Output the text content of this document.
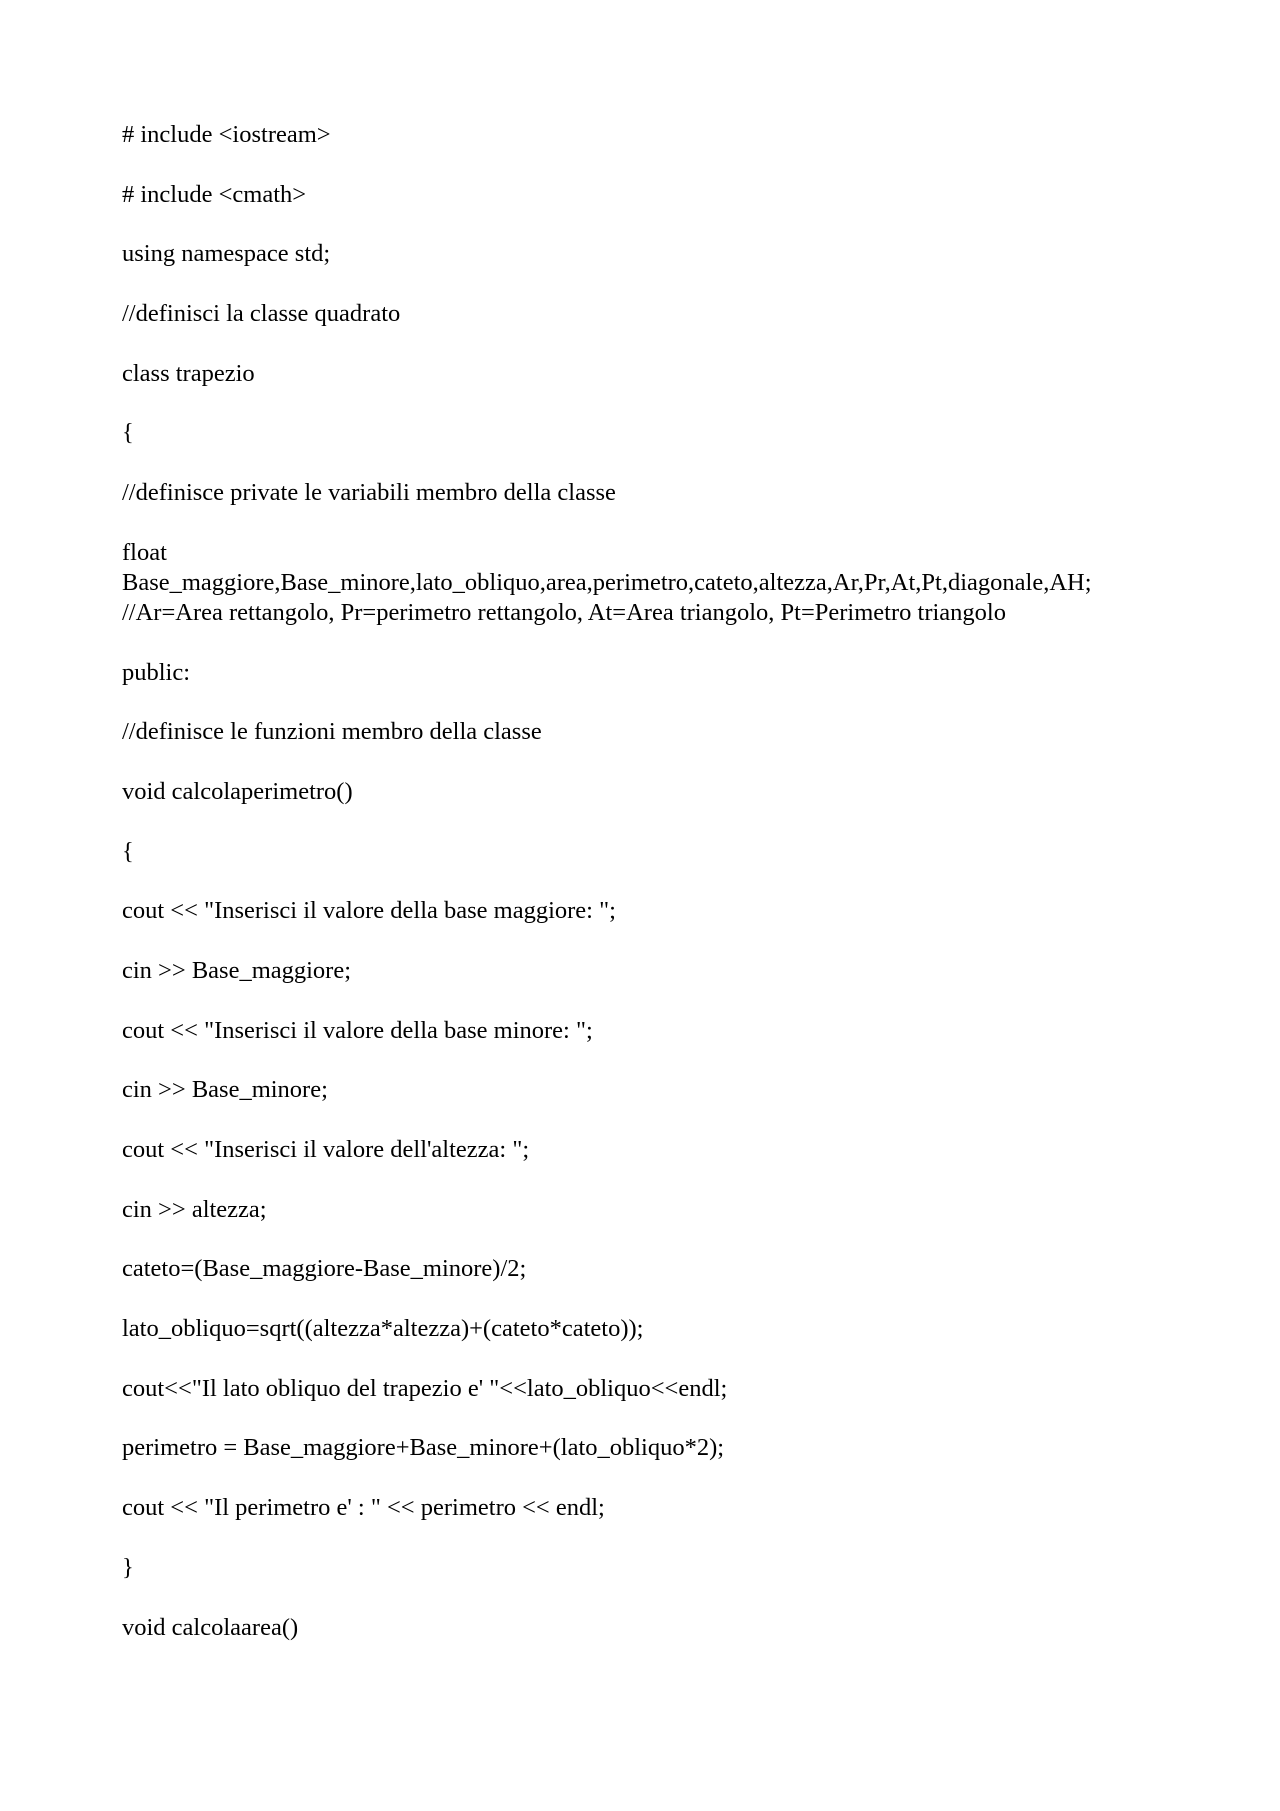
# include <iostream>
# include <cmath>
using namespace std;
//definisci la classe quadrato
class trapezio
{
//definisce private le variabili membro della classe
float
Base_maggiore,Base_minore,lato_obliquo,area,perimetro,cateto,altezza,Ar,Pr,At,Pt,diagonale,AH;
//Ar=Area rettangolo, Pr=perimetro rettangolo, At=Area triangolo, Pt=Perimetro triangolo
public:
//definisce le funzioni membro della classe
void calcolaperimetro()
{
cout << "Inserisci il valore della base maggiore: ";
cin >> Base_maggiore;
cout << "Inserisci il valore della base minore: ";
cin >> Base_minore;
cout << "Inserisci il valore dell'altezza: ";
cin >> altezza;
cateto=(Base_maggiore-Base_minore)/2;
lato_obliquo=sqrt((altezza*altezza)+(cateto*cateto));
cout<<"Il lato obliquo del trapezio e' "<<lato_obliquo<<endl;
perimetro = Base_maggiore+Base_minore+(lato_obliquo*2);
cout << "Il perimetro e' : " << perimetro << endl;
}
void calcolaarea()
